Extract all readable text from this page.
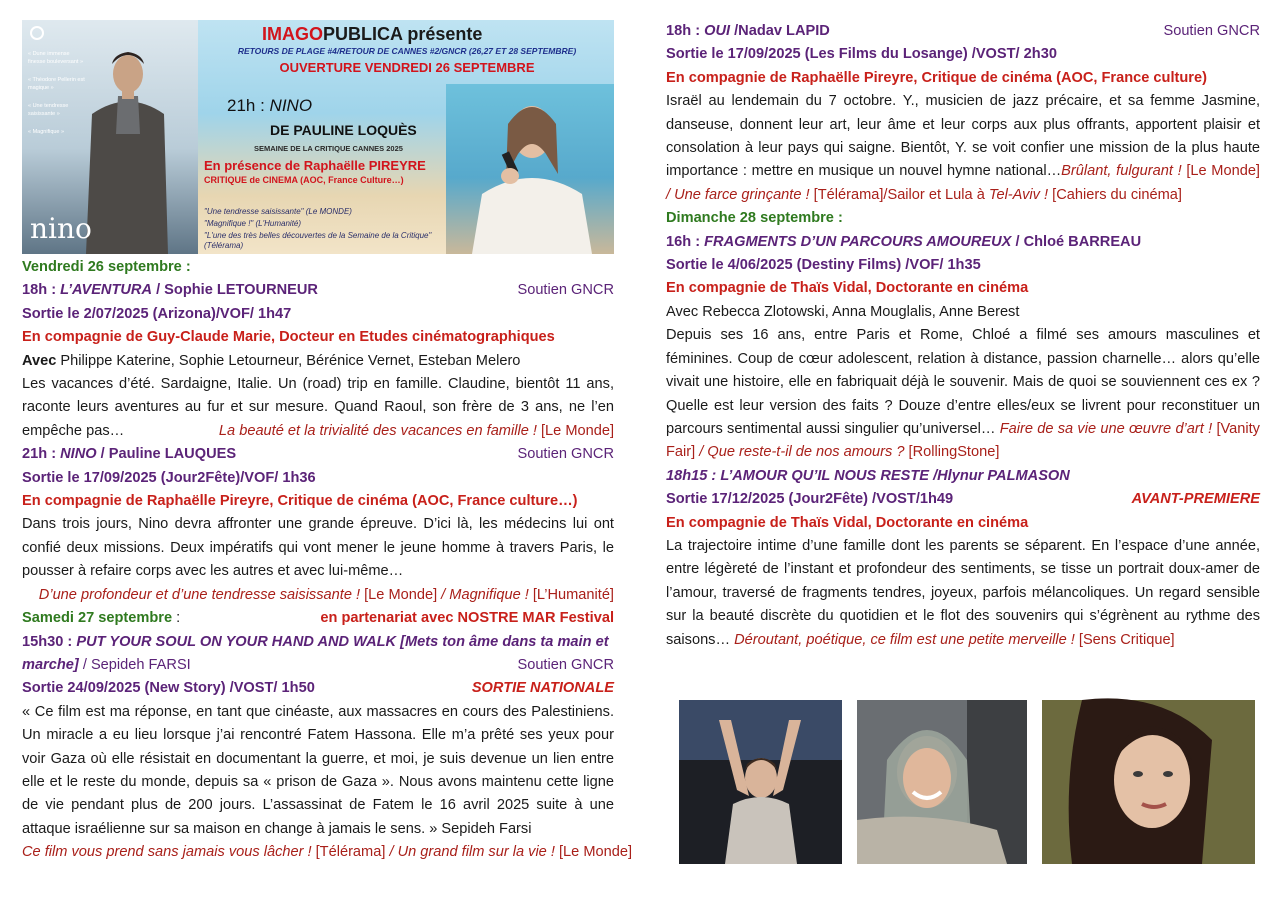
« Dune immense finesse bouleversant »
« Théodore Pellerin est magique »
« Une tendresse saisissante »
« Magnifique »
nino
IMAGOPUBLICA présente
RETOURS DE PLAGE #4/RETOUR DE CANNES #2/GNCR (26,27 ET 28 SEPTEMBRE)
OUVERTURE VENDREDI 26 SEPTEMBRE
21h : NINO
DE PAULINE LOQUÈS
SEMAINE DE LA CRITIQUE CANNES 2025
En présence de Raphaëlle PIREYRE
CRITIQUE de CINEMA (AOC, France Culture…)
"Une tendresse saisissante" (Le MONDE)
"Magnifique !" (L'Humanité)
"L'une des très belles découvertes de la Semaine de la Critique" (Télérama)
Vendredi 26 septembre :
18h : L’AVENTURA / Sophie LETOURNEUR	Soutien GNCR
Sortie le 2/07/2025 (Arizona)/VOF/ 1h47
En compagnie de Guy-Claude Marie, Docteur en Etudes cinématographiques
Avec Philippe Katerine, Sophie Letourneur, Bérénice Vernet, Esteban Melero
Les vacances d’été. Sardaigne, Italie. Un (road) trip en famille. Claudine, bientôt 11 ans, raconte leurs aventures au fur et sur mesure. Quand Raoul, son frère de 3 ans, ne l’en empêche pas…	La beauté et la trivialité des vacances en famille ! [Le Monde]
21h : NINO / Pauline LAUQUES	Soutien GNCR
Sortie le 17/09/2025 (Jour2Fête)/VOF/ 1h36
En compagnie de Raphaëlle Pireyre, Critique de cinéma (AOC, France culture…)
Dans trois jours, Nino devra affronter une grande épreuve. D’ici là, les médecins lui ont confié deux missions. Deux impératifs qui vont mener le jeune homme à travers Paris, le pousser à refaire corps avec les autres et avec lui-même…
D’une profondeur et d’une tendresse saisissante ! [Le Monde] / Magnifique ! [L’Humanité]
Samedi 27 septembre :	en partenariat avec NOSTRE MAR Festival
15h30 : PUT YOUR SOUL ON YOUR HAND AND WALK [Mets ton âme dans ta main et marche] / Sepideh FARSI	Soutien GNCR
Sortie 24/09/2025 (New Story) /VOST/ 1h50	SORTIE NATIONALE
« Ce film est ma réponse, en tant que cinéaste, aux massacres en cours des Palestiniens. Un miracle a eu lieu lorsque j’ai rencontré Fatem Hassona. Elle m’a prêté ses yeux pour voir Gaza où elle résistait en documentant la guerre, et moi, je suis devenue un lien entre elle et le reste du monde, depuis sa « prison de Gaza ». Nous avons maintenu cette ligne de vie pendant plus de 200 jours. L’assassinat de Fatem le 16 avril 2025 suite à une attaque israélienne sur sa maison en change à jamais le sens. » Sepideh Farsi
Ce film vous prend sans jamais vous lâcher ! [Télérama] / Un grand film sur la vie ! [Le Monde]
18h : OUI /Nadav LAPID	Soutien GNCR
Sortie le 17/09/2025 (Les Films du Losange) /VOST/ 2h30
En compagnie de Raphaëlle Pireyre, Critique de cinéma (AOC, France culture)
Israël au lendemain du 7 octobre. Y., musicien de jazz précaire, et sa femme Jasmine, danseuse, donnent leur art, leur âme et leur corps aux plus offrants, apportent plaisir et consolation à leur pays qui saigne. Bientôt, Y. se voit confier une mission de la plus haute importance : mettre en musique un nouvel hymne national…Brûlant, fulgurant ! [Le Monde] / Une farce grinçante ! [Télérama]/Sailor et Lula à Tel-Aviv ! [Cahiers du cinéma]
Dimanche 28 septembre :
16h : FRAGMENTS D’UN PARCOURS AMOUREUX / Chloé BARREAU
Sortie le 4/06/2025 (Destiny Films) /VOF/ 1h35
En compagnie de Thaïs Vidal, Doctorante en cinéma
Avec Rebecca Zlotowski, Anna Mouglalis, Anne Berest
Depuis ses 16 ans, entre Paris et Rome, Chloé a filmé ses amours masculines et féminines. Coup de cœur adolescent, relation à distance, passion charnelle… alors qu’elle vivait une histoire, elle en fabriquait déjà le souvenir. Mais de quoi se souviennent ces ex ? Quelle est leur version des faits ? Douze d’entre elles/eux se livrent pour reconstituer un parcours sentimental aussi singulier qu’universel… Faire de sa vie une œuvre d’art ! [Vanity Fair] / Que reste-t-il de nos amours ? [RollingStone]
18h15 : L’AMOUR QU’IL NOUS RESTE /Hlynur PALMASON
Sortie 17/12/2025 (Jour2Fête) /VOST/1h49	AVANT-PREMIERE
En compagnie de Thaïs Vidal, Doctorante en cinéma
La trajectoire intime d’une famille dont les parents se séparent. En l’espace d’une année, entre légèreté de l’instant et profondeur des sentiments, se tisse un portrait doux-amer de l’amour, traversé de fragments tendres, joyeux, parfois mélancoliques. Un regard sensible sur la beauté discrète du quotidien et le flot des souvenirs qui s’égrènent au rythme des saisons… Déroutant, poétique, ce film est une petite merveille ! [Sens Critique]
